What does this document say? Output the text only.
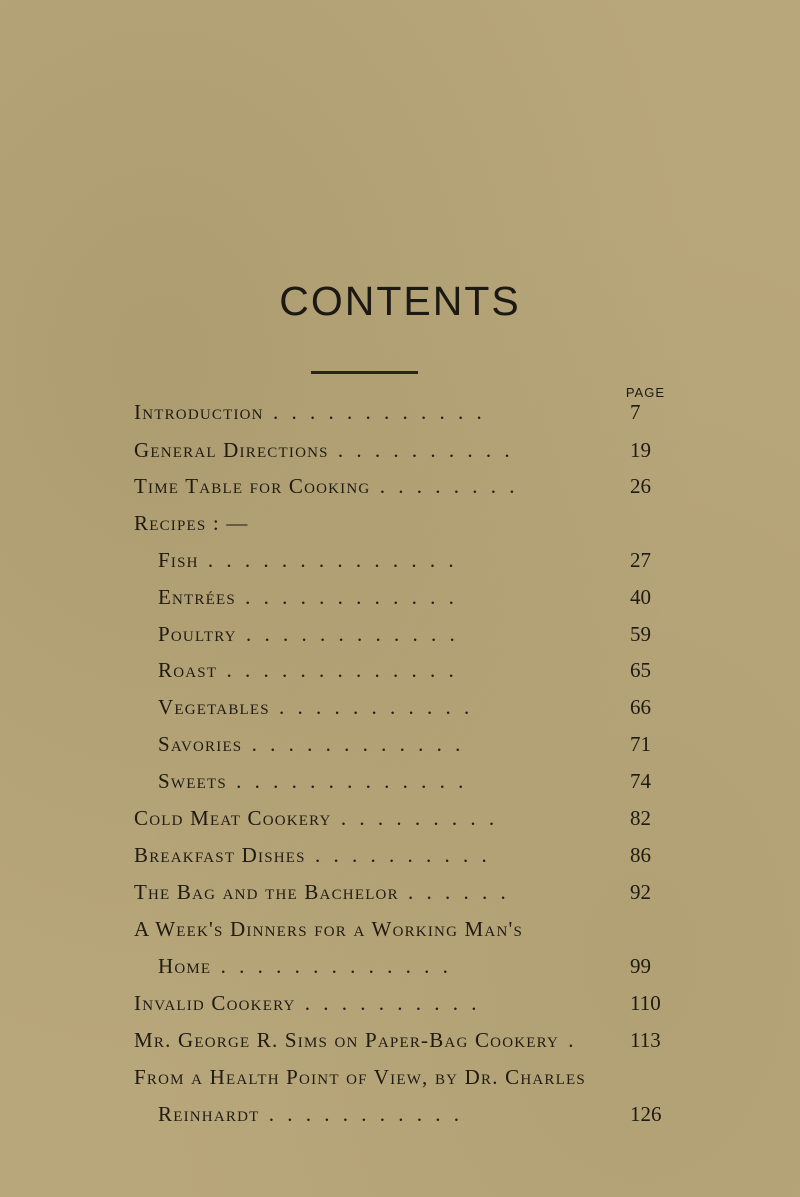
CONTENTS
PAGE
Introduction . . . . . . . . . . . .	7
General Directions . . . . . . . . . .	19
Time Table for Cooking . . . . . . . .	26
Recipes : —
Fish . . . . . . . . . . . . . .	27
Entrées . . . . . . . . . . . .	40
Poultry . . . . . . . . . . . .	59
Roast . . . . . . . . . . . . .	65
Vegetables . . . . . . . . . . .	66
Savories . . . . . . . . . . . .	71
Sweets . . . . . . . . . . . . .	74
Cold Meat Cookery . . . . . . . . .	82
Breakfast Dishes . . . . . . . . . .	86
The Bag and the Bachelor . . . . . .	92
A Week's Dinners for a Working Man's
Home . . . . . . . . . . . . .	99
Invalid Cookery . . . . . . . . . .	110
Mr. George R. Sims on Paper-Bag Cookery . 113
From a Health Point of View, by Dr. Charles
Reinhardt . . . . . . . . . . .	126
